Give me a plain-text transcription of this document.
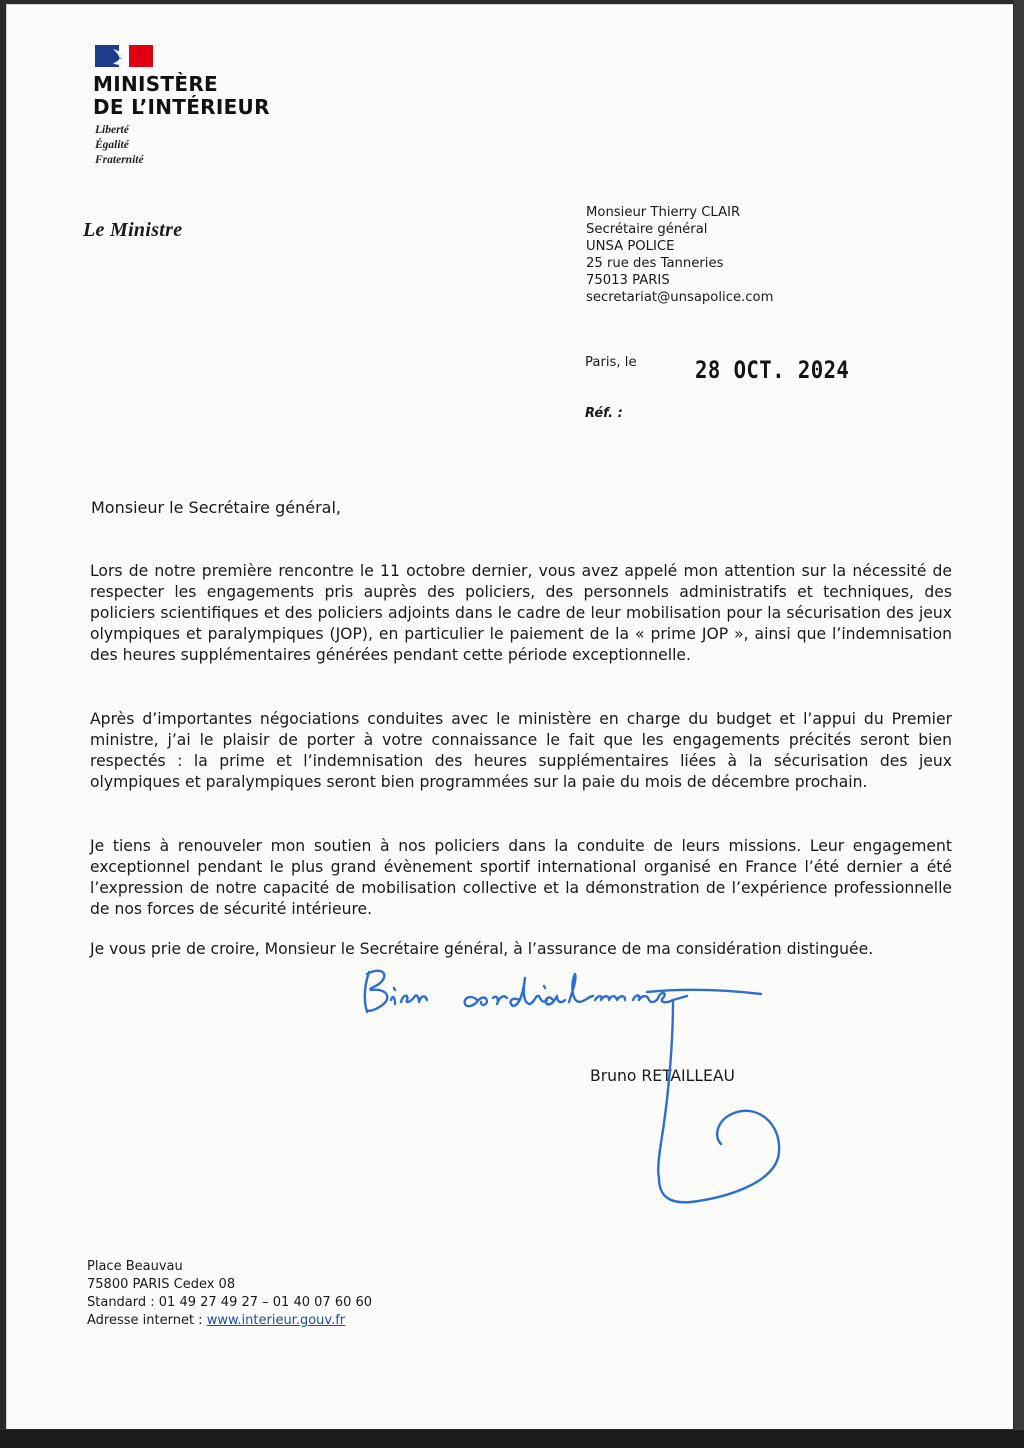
MINISTÈRE
DE L’INTÉRIEUR
Liberté
Égalité
Fraternité
Le Ministre
Monsieur Thierry CLAIR
Secrétaire général
UNSA POLICE
25 rue des Tanneries
75013 PARIS
secretariat@unsapolice.com
Paris, le 28 OCT. 2024
Réf. :
Monsieur le Secrétaire général,

Lors de notre première rencontre le 11 octobre dernier, vous avez appelé mon attention sur la nécessité de respecter les engagements pris auprès des policiers, des personnels administratifs et techniques, des policiers scientifiques et des policiers adjoints dans le cadre de leur mobilisation pour la sécurisation des jeux olympiques et paralympiques (JOP), en particulier le paiement de la « prime JOP », ainsi que l’indemnisation des heures supplémentaires générées pendant cette période exceptionnelle.

Après d’importantes négociations conduites avec le ministère en charge du budget et l’appui du Premier ministre, j’ai le plaisir de porter à votre connaissance le fait que les engagements précités seront bien respectés : la prime et l’indemnisation des heures supplémentaires liées à la sécurisation des jeux olympiques et paralympiques seront bien programmées sur la paie du mois de décembre prochain.

Je tiens à renouveler mon soutien à nos policiers dans la conduite de leurs missions. Leur engagement exceptionnel pendant le plus grand évènement sportif international organisé en France l’été dernier a été l’expression de notre capacité de mobilisation collective et la démonstration de l’expérience professionnelle de nos forces de sécurité intérieure.

Je vous prie de croire, Monsieur le Secrétaire général, à l’assurance de ma considération distinguée.
Bruno RETAILLEAU
Place Beauvau
75800 PARIS Cedex 08
Standard : 01 49 27 49 27 – 01 40 07 60 60
Adresse internet : www.interieur.gouv.fr
